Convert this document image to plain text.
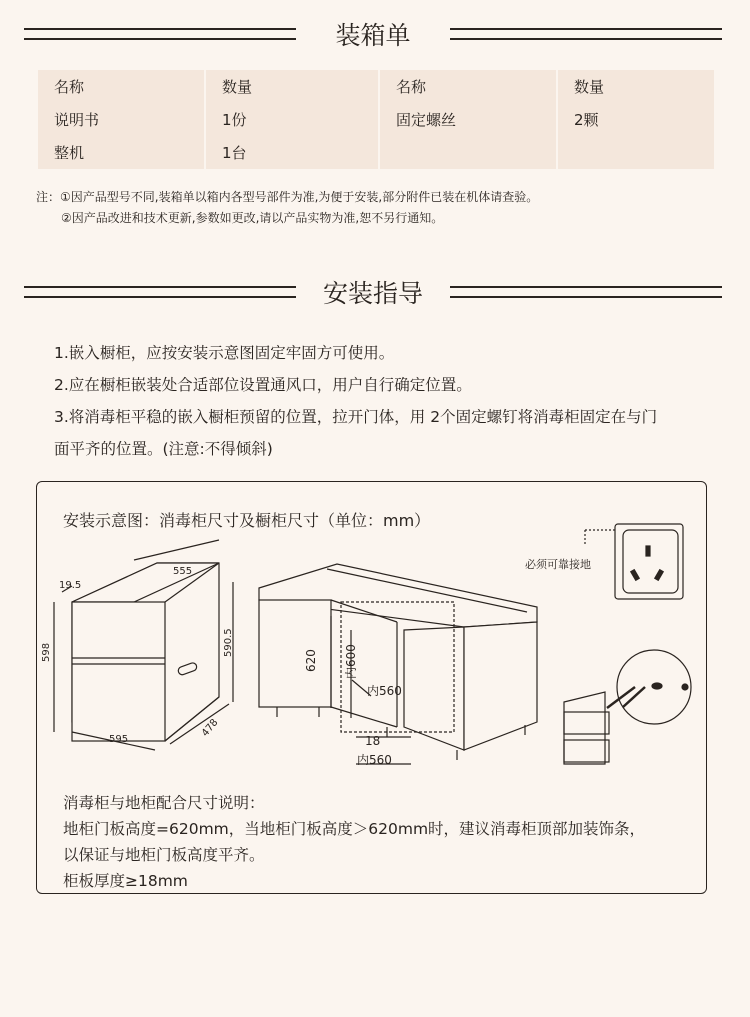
装箱单
名称	数量	名称	数量
说明书	1份	固定螺丝	2颗
整机	1台		
注：①因产品型号不同,装箱单以箱内各型号部件为准,为便于安装,部分附件已装在机体请查验。
②因产品改进和技术更新,参数如更改,请以产品实物为准,恕不另行通知。
安装指导
1.嵌入橱柜，应按安装示意图固定牢固方可使用。
2.应在橱柜嵌装处合适部位设置通风口，用户自行确定位置。
3.将消毒柜平稳的嵌入橱柜预留的位置，拉开门体，用 2个固定螺钉将消毒柜固定在与门
面平齐的位置。(注意:不得倾斜)
安装示意图：消毒柜尺寸及橱柜尺寸（单位：mm）
555
19.5
598	590.5
595
478
620 内600
内560
18
内560
必须可靠接地
消毒柜与地柜配合尺寸说明：
地柜门板高度=620mm，当地柜门板高度＞620mm时，建议消毒柜顶部加装饰条，
以保证与地柜门板高度平齐。
柜板厚度≥18mm
